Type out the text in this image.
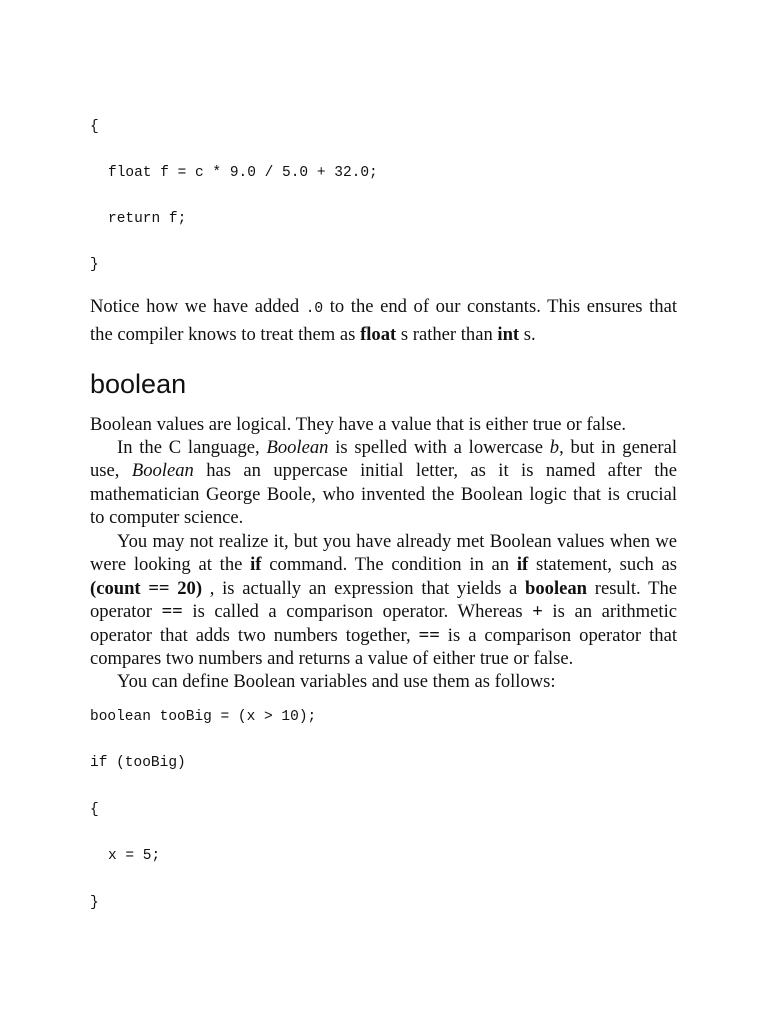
{
float f = c * 9.0 / 5.0 + 32.0;
return f;
}

Notice how we have added .0 to the end of our constants. This ensures that the compiler knows to treat them as float s rather than int s.

boolean

Boolean values are logical. They have a value that is either true or false.

In the C language, Boolean is spelled with a lowercase b, but in general use, Boolean has an uppercase initial letter, as it is named after the mathematician George Boole, who invented the Boolean logic that is crucial to computer science.

You may not realize it, but you have already met Boolean values when we were looking at the if command. The condition in an if statement, such as (count == 20) , is actually an expression that yields a boolean result. The operator == is called a comparison operator. Whereas + is an arithmetic operator that adds two numbers together, == is a comparison operator that compares two numbers and returns a value of either true or false.

You can define Boolean variables and use them as follows:

boolean tooBig = (x > 10);
if (tooBig)
{
x = 5;
}
